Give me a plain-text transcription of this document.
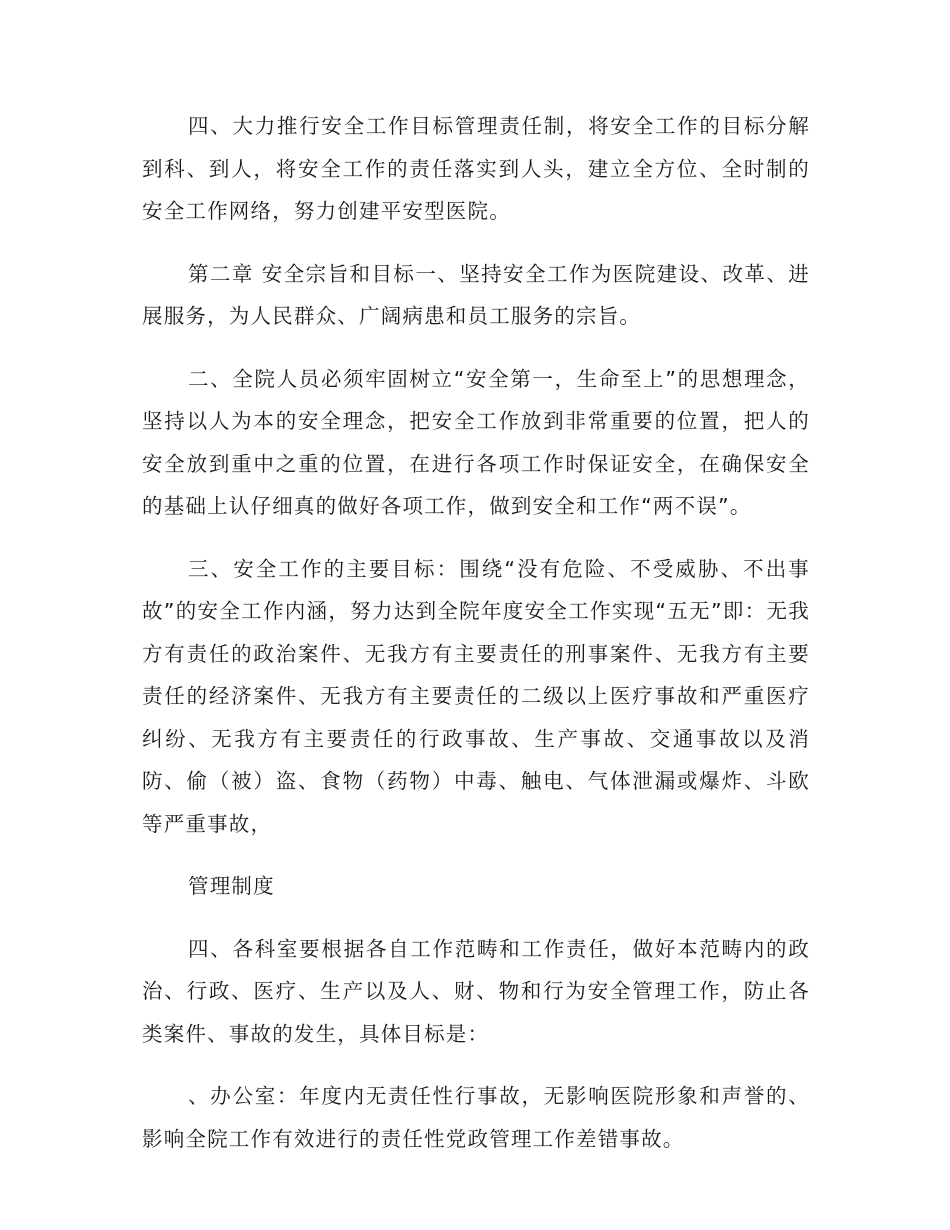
四、大力推行安全工作目标管理责任制，将安全工作的目标分解到科、到人，将安全工作的责任落实到人头，建立全方位、全时制的安全工作网络，努力创建平安型医院。

第二章 安全宗旨和目标一、坚持安全工作为医院建设、改革、进展服务，为人民群众、广阔病患和员工服务的宗旨。

二、全院人员必须牢固树立“安全第一，生命至上”的思想理念，坚持以人为本的安全理念，把安全工作放到非常重要的位置，把人的安全放到重中之重的位置，在进行各项工作时保证安全，在确保安全的基础上认仔细真的做好各项工作，做到安全和工作“两不误”。

三、安全工作的主要目标：围绕“没有危险、不受威胁、不出事故”的安全工作内涵，努力达到全院年度安全工作实现“五无”即：无我方有责任的政治案件、无我方有主要责任的刑事案件、无我方有主要责任的经济案件、无我方有主要责任的二级以上医疗事故和严重医疗纠纷、无我方有主要责任的行政事故、生产事故、交通事故以及消防、偷（被）盗、食物（药物）中毒、触电、气体泄漏或爆炸、斗欧等严重事故，

管理制度

四、各科室要根据各自工作范畴和工作责任，做好本范畴内的政治、行政、医疗、生产以及人、财、物和行为安全管理工作，防止各类案件、事故的发生，具体目标是：

、办公室：年度内无责任性行事故，无影响医院形象和声誉的、影响全院工作有效进行的责任性党政管理工作差错事故。
